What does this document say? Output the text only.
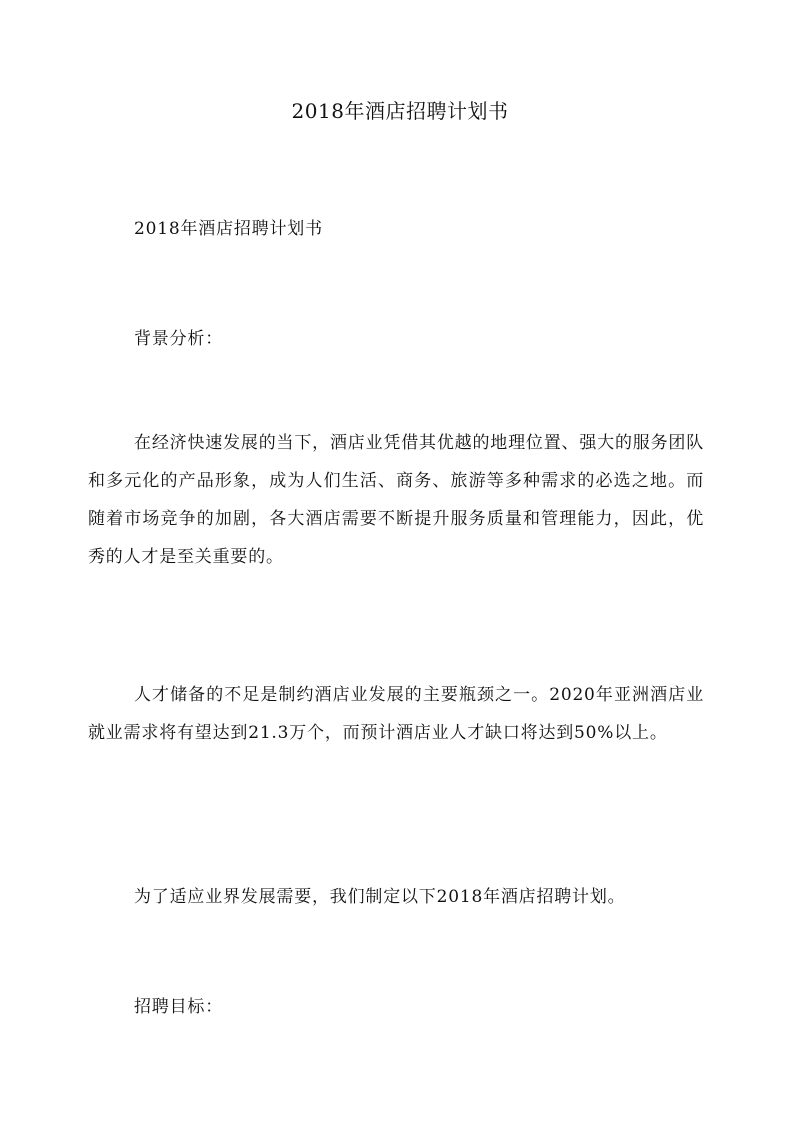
2018年酒店招聘计划书
2018年酒店招聘计划书
背景分析：
在经济快速发展的当下，酒店业凭借其优越的地理位置、强大的服务团队和多元化的产品形象，成为人们生活、商务、旅游等多种需求的必选之地。而随着市场竞争的加剧，各大酒店需要不断提升服务质量和管理能力，因此，优秀的人才是至关重要的。
人才储备的不足是制约酒店业发展的主要瓶颈之一。2020年亚洲酒店业就业需求将有望达到21.3万个，而预计酒店业人才缺口将达到50%以上。
为了适应业界发展需要，我们制定以下2018年酒店招聘计划。
招聘目标：
